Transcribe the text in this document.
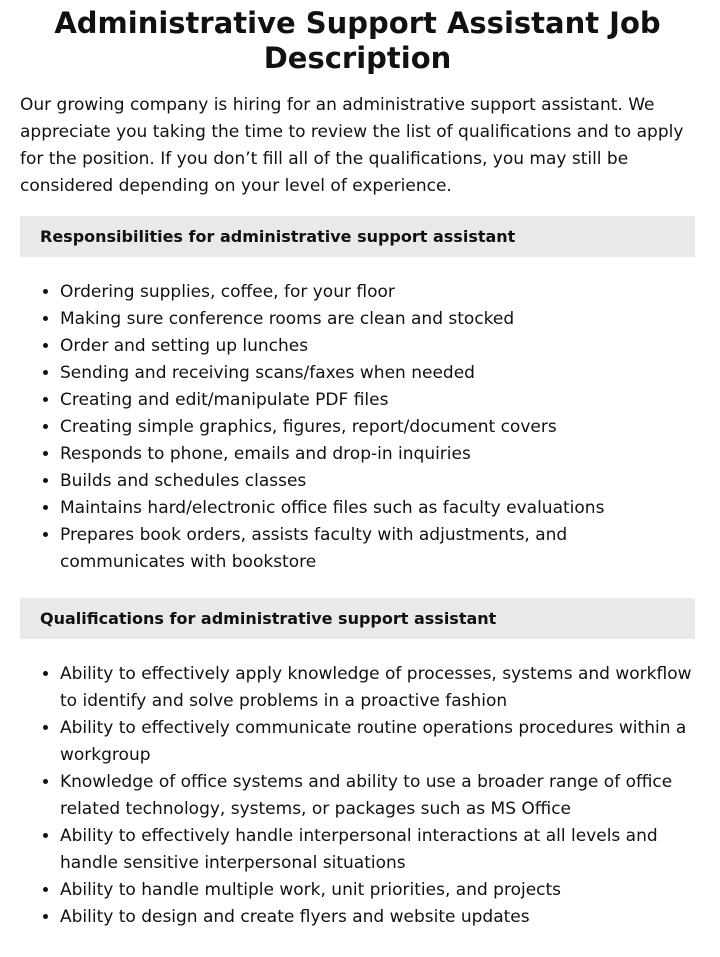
Administrative Support Assistant Job Description

Our growing company is hiring for an administrative support assistant. We appreciate you taking the time to review the list of qualifications and to apply for the position. If you don’t fill all of the qualifications, you may still be considered depending on your level of experience.

Responsibilities for administrative support assistant
• Ordering supplies, coffee, for your floor
• Making sure conference rooms are clean and stocked
• Order and setting up lunches
• Sending and receiving scans/faxes when needed
• Creating and edit/manipulate PDF files
• Creating simple graphics, figures, report/document covers
• Responds to phone, emails and drop-in inquiries
• Builds and schedules classes
• Maintains hard/electronic office files such as faculty evaluations
• Prepares book orders, assists faculty with adjustments, and communicates with bookstore
Qualifications for administrative support assistant
• Ability to effectively apply knowledge of processes, systems and workflow to identify and solve problems in a proactive fashion
• Ability to effectively communicate routine operations procedures within a workgroup
• Knowledge of office systems and ability to use a broader range of office related technology, systems, or packages such as MS Office
• Ability to effectively handle interpersonal interactions at all levels and handle sensitive interpersonal situations
• Ability to handle multiple work, unit priorities, and projects
• Ability to design and create flyers and website updates
